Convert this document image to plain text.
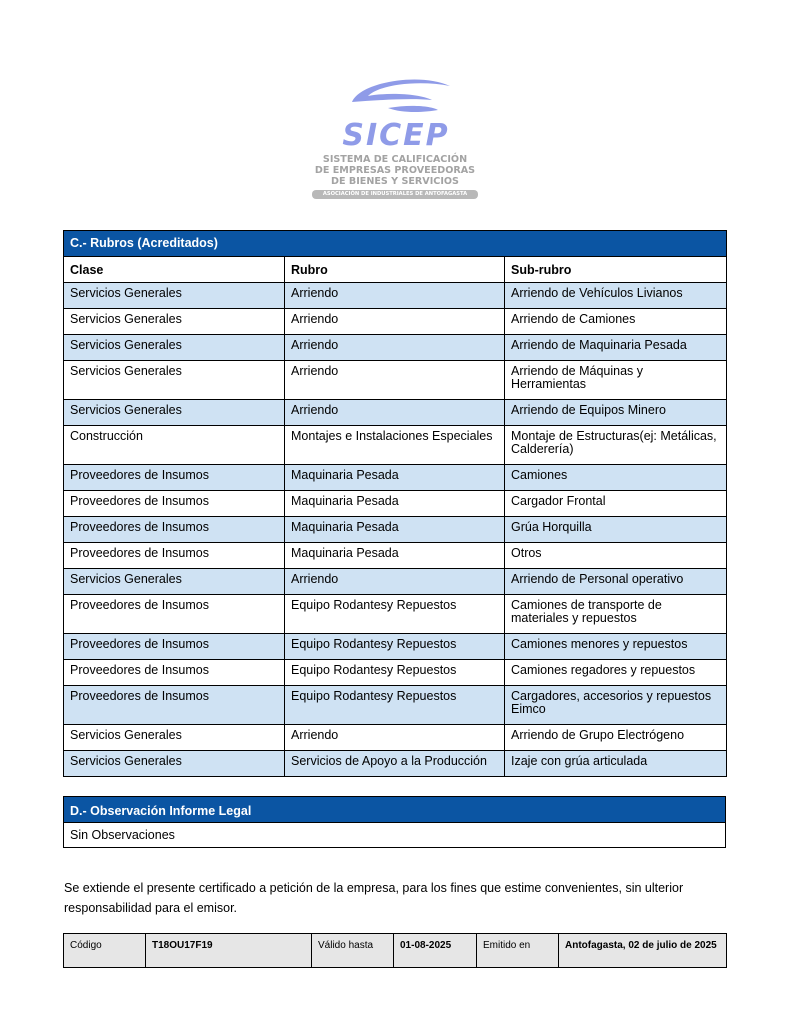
SICEP
SISTEMA DE CALIFICACIÓN
DE EMPRESAS PROVEEDORAS
DE BIENES Y SERVICIOS
ASOCIACIÓN DE INDUSTRIALES DE ANTOFAGASTA
C.- Rubros (Acreditados)		
Clase	Rubro	Sub-rubro
Servicios Generales	Arriendo	Arriendo de Vehículos Livianos
Servicios Generales	Arriendo	Arriendo de Camiones
Servicios Generales	Arriendo	Arriendo de Maquinaria Pesada
Servicios Generales	Arriendo	Arriendo de Máquinas y Herramientas
Servicios Generales	Arriendo	Arriendo de Equipos Minero
Construcción	Montajes e Instalaciones Especiales	Montaje de Estructuras(ej: Metálicas, Calderería)
Proveedores de Insumos	Maquinaria Pesada	Camiones
Proveedores de Insumos	Maquinaria Pesada	Cargador Frontal
Proveedores de Insumos	Maquinaria Pesada	Grúa Horquilla
Proveedores de Insumos	Maquinaria Pesada	Otros
Servicios Generales	Arriendo	Arriendo de Personal operativo
Proveedores de Insumos	Equipo Rodantesy Repuestos	Camiones de transporte de materiales y repuestos
Proveedores de Insumos	Equipo Rodantesy Repuestos	Camiones menores y repuestos
Proveedores de Insumos	Equipo Rodantesy Repuestos	Camiones regadores y repuestos
Proveedores de Insumos	Equipo Rodantesy Repuestos	Cargadores, accesorios y repuestos Eimco
Servicios Generales	Arriendo	Arriendo de Grupo Electrógeno
Servicios Generales	Servicios de Apoyo a la Producción	Izaje con grúa articulada
D.- Observación Informe Legal
Sin Observaciones
Se extiende el presente certificado a petición de la empresa, para los fines que estime convenientes, sin ulterior responsabilidad para el emisor.
Código	T18OU17F19	Válido hasta	01-08-2025	Emitido en	Antofagasta, 02 de julio de 2025
